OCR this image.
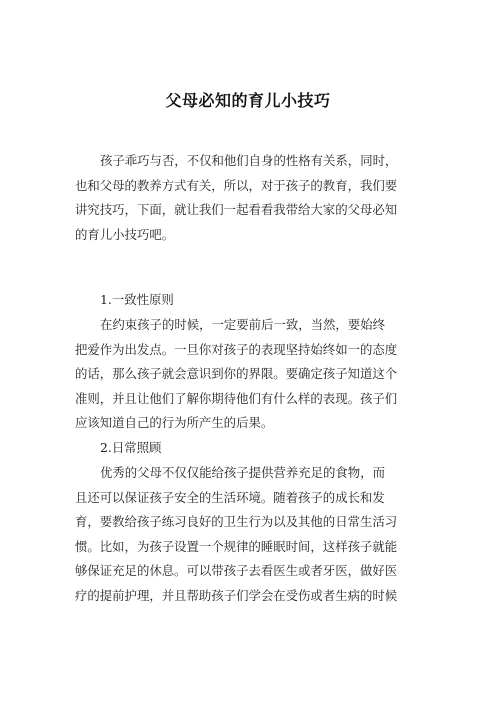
父母必知的育儿小技巧
孩子乖巧与否，不仅和他们自身的性格有关系，同时，
也和父母的教养方式有关，所以，对于孩子的教育，我们要
讲究技巧，下面，就让我们一起看看我带给大家的父母必知
的育儿小技巧吧。
1.一致性原则
在约束孩子的时候，一定要前后一致，当然，要始终
把爱作为出发点。一旦你对孩子的表现坚持始终如一的态度
的话，那么孩子就会意识到你的界限。要确定孩子知道这个
准则，并且让他们了解你期待他们有什么样的表现。孩子们
应该知道自己的行为所产生的后果。
2.日常照顾
优秀的父母不仅仅能给孩子提供营养充足的食物，而
且还可以保证孩子安全的生活环境。随着孩子的成长和发
育，要教给孩子练习良好的卫生行为以及其他的日常生活习
惯。比如，为孩子设置一个规律的睡眠时间，这样孩子就能
够保证充足的休息。可以带孩子去看医生或者牙医，做好医
疗的提前护理，并且帮助孩子们学会在受伤或者生病的时候
